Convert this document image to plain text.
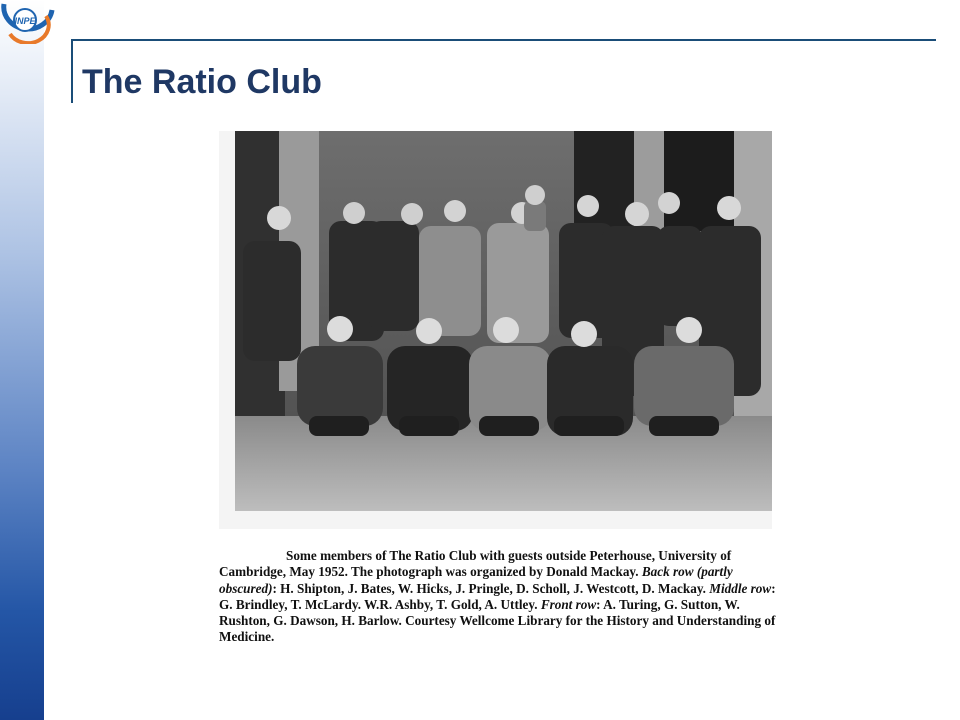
INPE
The Ratio Club

Some members of The Ratio Club with guests outside Peterhouse, University of Cambridge, May 1952. The photograph was organized by Donald Mackay. Back row (partly obscured): H. Shipton, J. Bates, W. Hicks, J. Pringle, D. Scholl, J. Westcott, D. Mackay. Middle row: G. Brindley, T. McLardy. W.R. Ashby, T. Gold, A. Uttley. Front row: A. Turing, G. Sutton, W. Rushton, G. Dawson, H. Barlow. Courtesy Wellcome Library for the History and Understanding of Medicine.
